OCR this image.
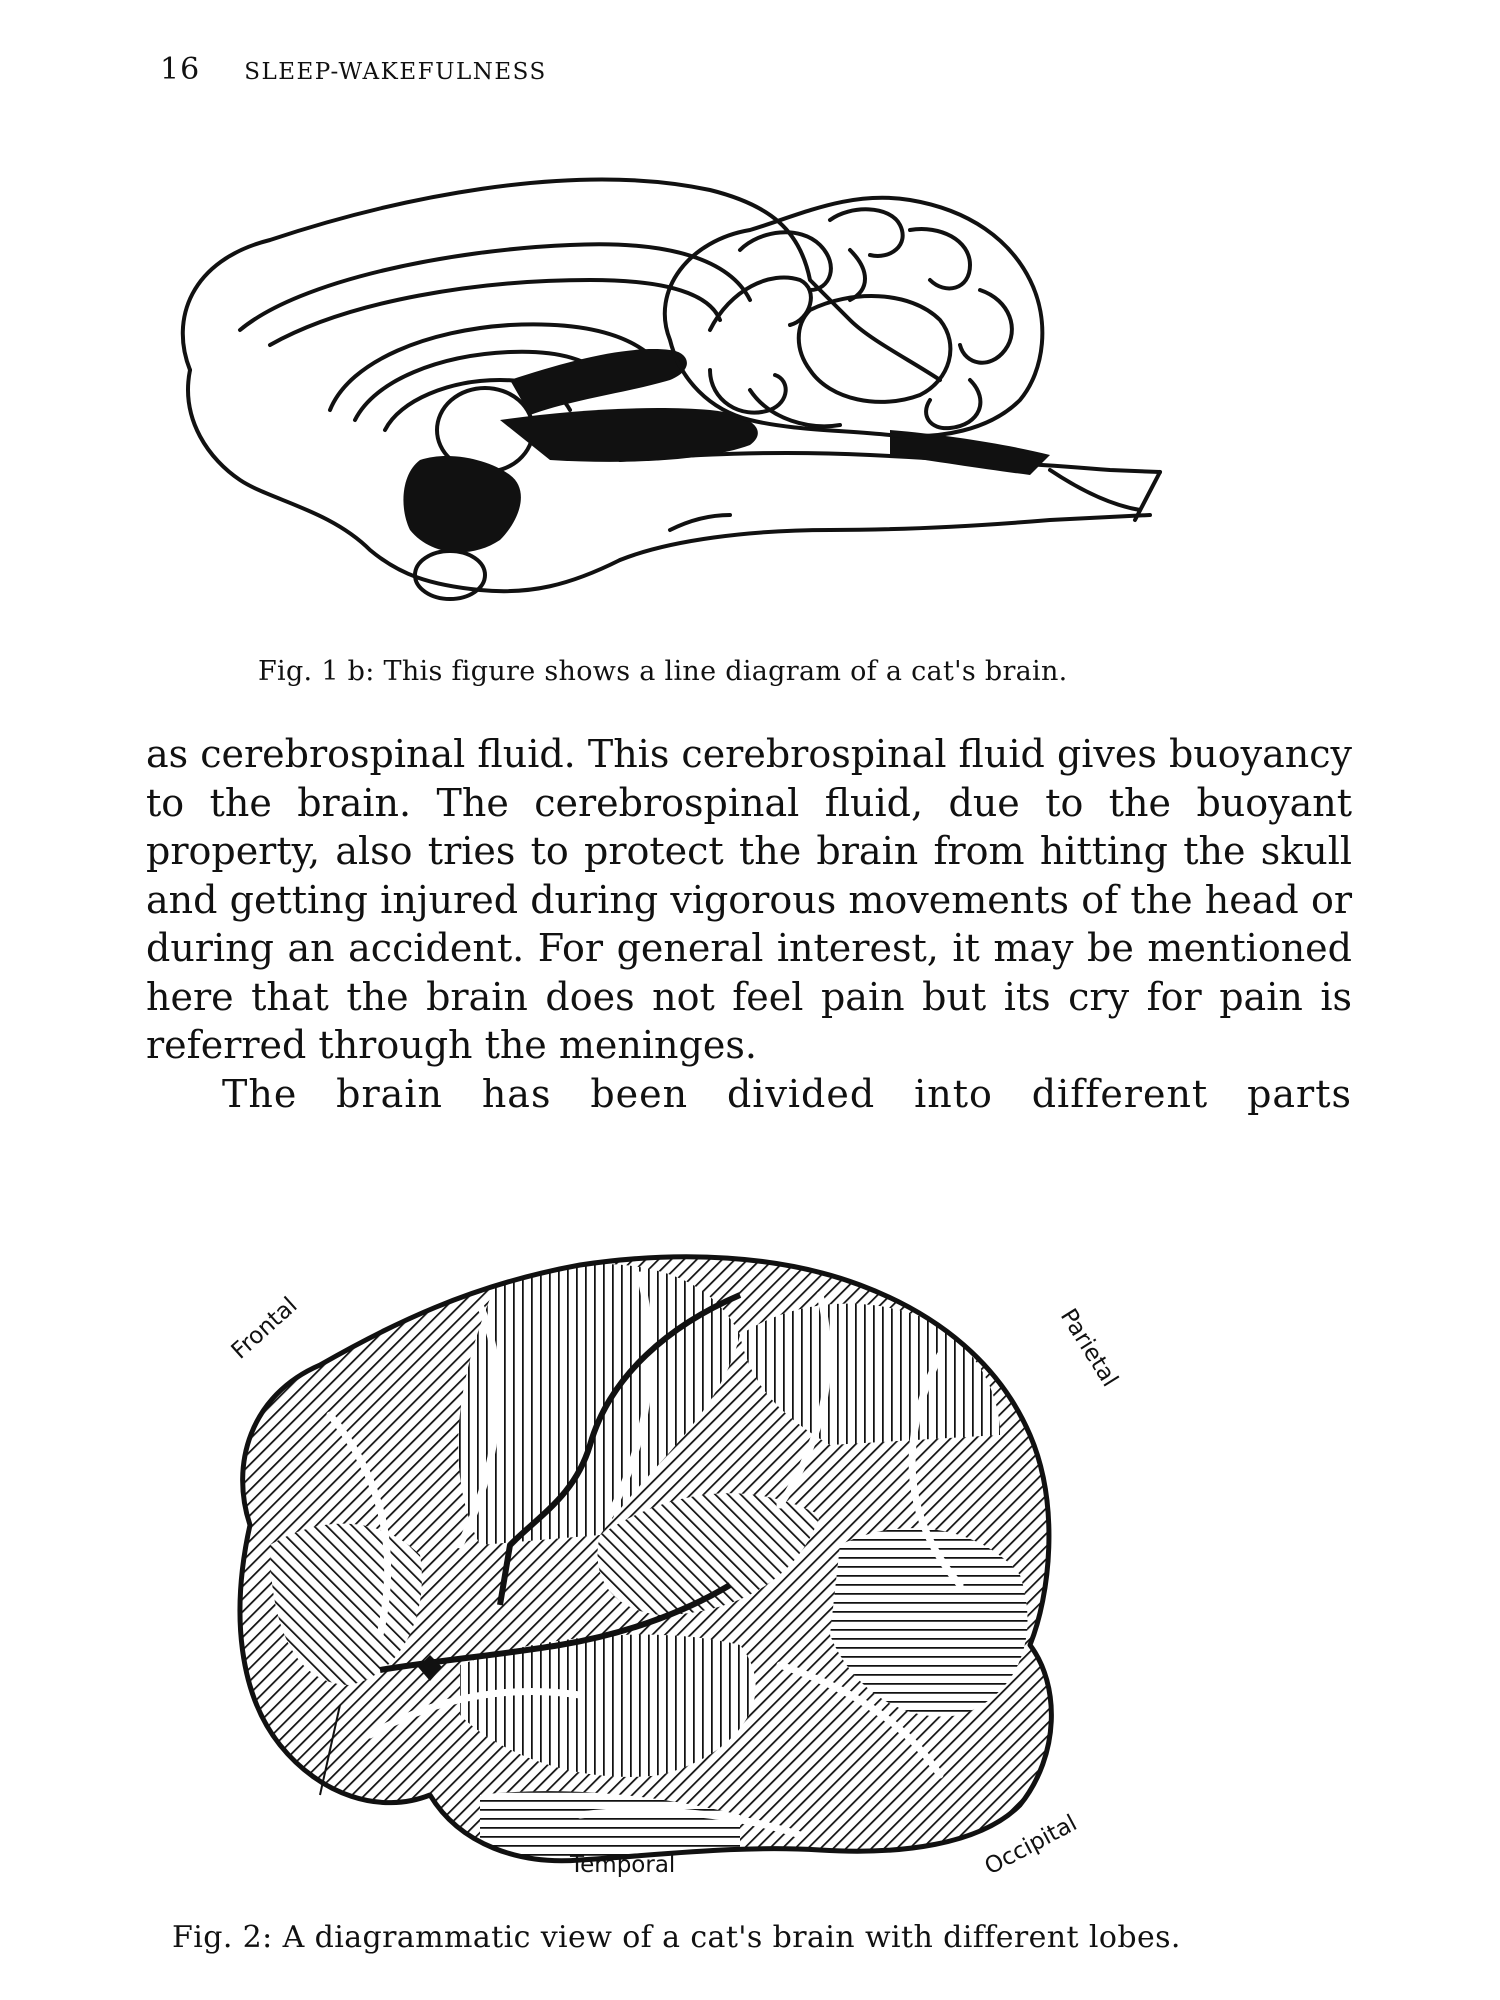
16 SLEEP-WAKEFULNESS
Fig. 1 b: This figure shows a line diagram of a cat's brain.

as cerebrospinal fluid. This cerebrospinal fluid gives buoyancy to the brain. The cerebrospinal fluid, due to the buoyant property, also tries to protect the brain from hitting the skull and getting injured during vigorous movements of the head or during an accident. For general interest, it may be mentioned here that the brain does not feel pain but its cry for pain is referred through the meninges.

The brain has been divided into different parts

Frontal	Parietal
Temporal	Occipital
Fig. 2: A diagrammatic view of a cat's brain with different lobes.
